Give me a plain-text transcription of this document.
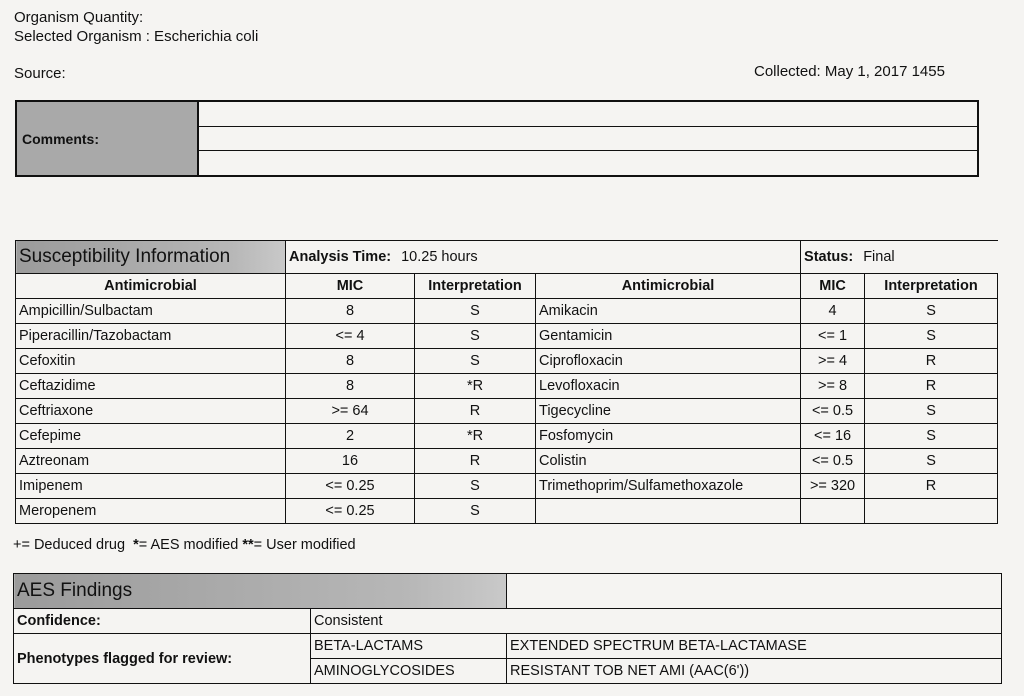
Organism Quantity:
Selected Organism : Escherichia coli
Source:	Collected: May 1, 2017 1455
Comments:
Susceptibility Information	Analysis Time: 10.25 hours			Status: Final	
Antimicrobial	MIC	Interpretation	Antimicrobial	MIC	Interpretation
Ampicillin/Sulbactam	8	S	Amikacin	4	S
Piperacillin/Tazobactam	<= 4	S	Gentamicin	<= 1	S
Cefoxitin	8	S	Ciprofloxacin	>= 4	R
Ceftazidime	8	*R	Levofloxacin	>= 8	R
Ceftriaxone	>= 64	R	Tigecycline	<= 0.5	S
Cefepime	2	*R	Fosfomycin	<= 16	S
Aztreonam	16	R	Colistin	<= 0.5	S
Imipenem	<= 0.25	S	Trimethoprim/Sulfamethoxazole	>= 320	R
Meropenem	<= 0.25	S			
+= Deduced drug *= AES modified **= User modified
AES Findings		
Confidence:	Consistent	
Phenotypes flagged for review:	BETA-LACTAMS	EXTENDED SPECTRUM BETA-LACTAMASE
	AMINOGLYCOSIDES	RESISTANT TOB NET AMI (AAC(6'))
